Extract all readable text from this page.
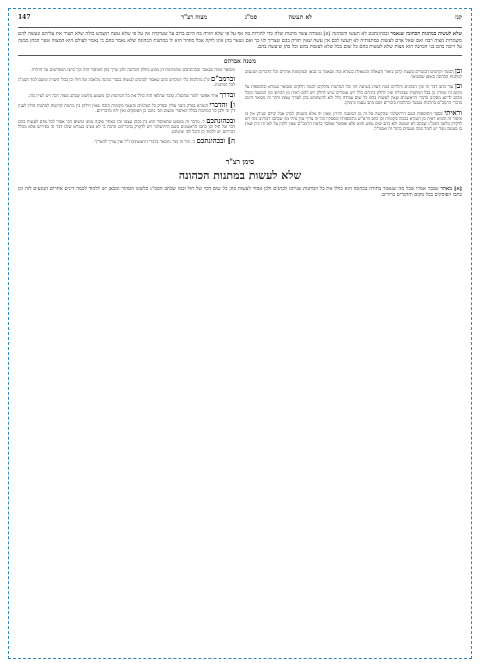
קנז
לא תעשה
סמ"ג
מצוה רצ"ד
147
שלא לעשות במתנות הכהונה שנאמר ובכהונתכם לא תעשו והכהונה [א] נאמרה עשר מתנות שלה כדי להורות בה אף על פי שלא הזרה בה היום ברוב על שעיקרה אין על פי שלא עשה תשמש כולה שלא תעיר את עליהם ונעשה להם משמרות מצוה רבה ואם שאל אדם לעשות במתנותיה לא תעשו לכם אין עשה שאין תורה בכם שצריך לזו כך ואם נשאר בהן אינו לוקה אבל מוזהר הוא לו במתנות הכהונה שלא נאמר בהם כי נאמר לעולם הוא המצוה אשר הכהן ממנה על ויזכה בהם בני הכהנה הוא מצות שלא לעשות בהם כל שום בכל שלא לעשות בהם וכל כהן שיעשה בהם.
משנה אברהם

ובן הבשר וקדשים הכשרים בשעת קרבן ביאור השאלה הנשאלת בגמרא ומה שנאמר בו בכאן ובמקומות אחרים וכל הדברים הנוגעים למתנות הכהונה באופן שמבואר.

ובן עוד כתב דבר זה ובין הכהנים והלויים כמה דעות בשיטה הזו וכל המתנות נחלקים לכמה חלקים ומבואר בגמרא ובתוספות על מקום זה שהדין כן בכל המתנות שבתורה ואין לחלק ביניהם כלל ויש אומרים שיש לחלק ויש להם ראיה מן הכתוב ומן המשנה ומכל מקום לדינא מסקינן כדברי הראשונים שאין לעשות בהם כל שום עבודה כלל ולא להשתמש בהן לצורך עצמו ודבר זה מבואר היטב בדברי הרמב"ם בהלכות מעשר ובהלכות ביכורים ושם כתב טעמו ונימוקו.

וראיתי בספר התוספות בשם הירושלמי שהקשה על זה מן המשנה ותירץ שאין זה אלא כשנותן לכהן אבל קודם שניתן אין בו איסור זה והביא ראיה מן הגמרא בכמה מקומות וכן כתב הרא"ש בתוספותיו ובפסקיו וכל זה צריך עיון גדול מה שכתבו רבותינו בזה ויש לדקדק בלשון הסמ"ג שכתב לא תעשה ולא כתב שום עונש והוא פלא ואפשר שסובר כדעת הרמב"ם שאין לוקין על לאו זה כיון שאין בו מעשה ועוד יש לומר כמה טעמים בדבר זה ואכמ"ל.

ומבואר ממה שנאמר ובכהונתכם שהמתנות הן ממש כחלק הכהונה ולכן שייך בהן האיסור הזה וכך כתבו המפרשים על התורה.

וברמב"ם פ"ג מהלכות כלי המקדש כתב שאסור לכהנים לעשות בבגדי כהונה מלאכה של חול וכן בכלי השרת ומשם למד הסמ"ג לכל המתנות.

ובדרך אחר אפשר לומר שהסמ"ג סובר שהלאו הזה כולל את כל המתנות וכן משמע מלשונו שכתב מצוה רבה ויש לעיין בזה.

ו] והדברי הגמרא בפרק כיצד צולין ובפרק כל הצלמים ובשאר מקומות מוכח שאין חילוק בין מתנות קדושות למתנות חולין לענין דין זה ולכן כל המתנות בכלל האיסור ומשום הכי כתבו כן הפוסקים ואין לזוז מדבריהם.

ובכהונתכם ד. מדבר זה משמע שהאיסור הוא בין בכהן עצמו ובין באחר שקנה ממנו ומשום הכי אסור לכל אדם לעשות בהם דבר של חול וכן כתבו הראשונים בשם הירושלמי ויש לדקדק בדבריהם הרבה כי לא מצינו בגמרא שלנו דבר זה בפירוש אלא מכלל דבריהם יש ללמוד כן והכל לפי שיטתם.

ה] ובכהונתכם ה. וכל זה כבר נתבאר בדברי הראשונים ז"ל ואין צורך להאריך.

סימן רצ"ד
שלא לעשות במתנות הכהונה
[א] מאחר שכבר אמרו שכל מה שנאמר בתורה בכהונה הוא כולל את כל המתנות שניתנו לכהנים ולכן אסור לעשות בהן כל שום דבר של חול וכמו שכתב הסמ"ג בלשונו הטהור ומכאן יש ללמוד לכמה דינים אחרים הנוגעים לזה וכן כתבו הפוסקים בכל מקום והדברים ברורים.
